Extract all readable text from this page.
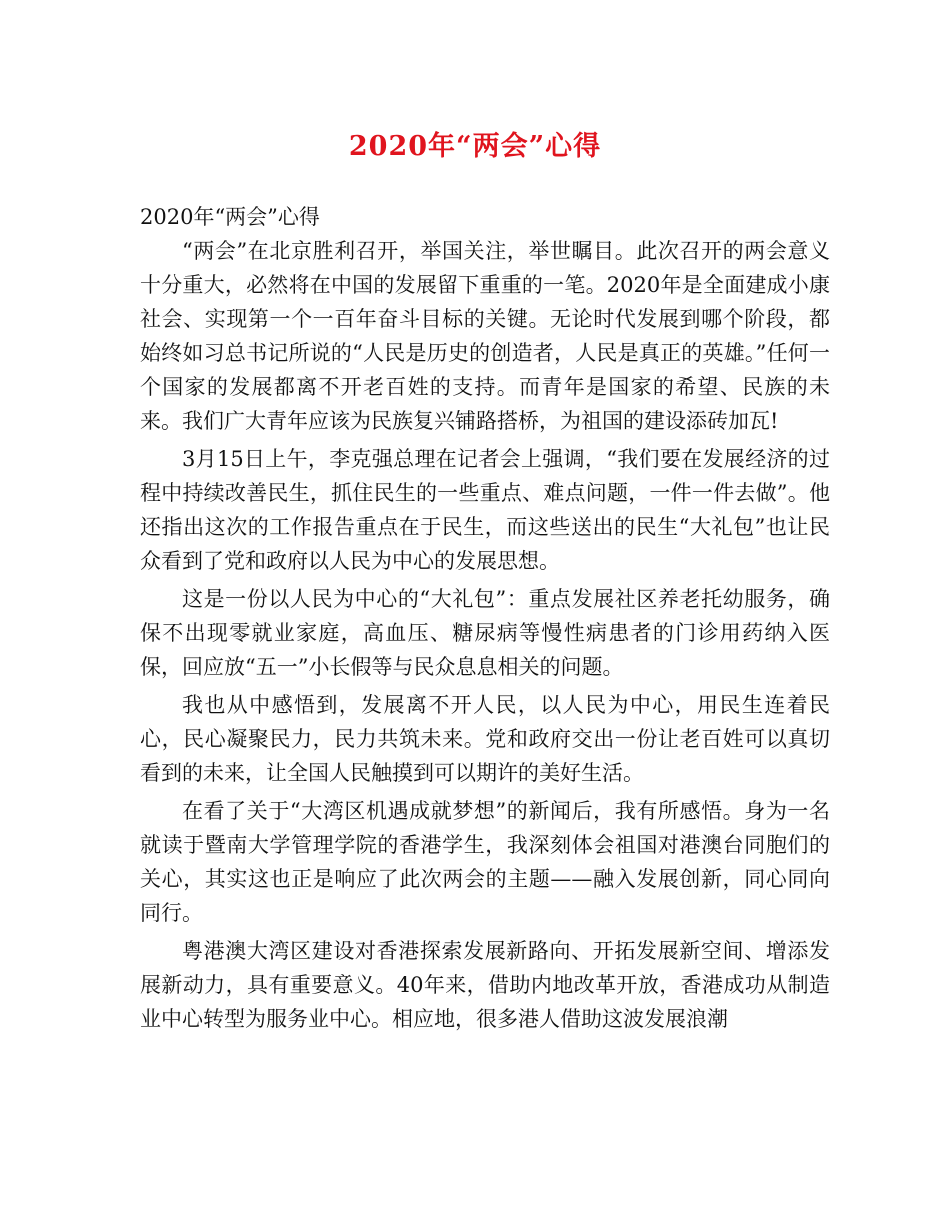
2020年“两会”心得

2020年“两会”心得

“两会”在北京胜利召开，举国关注，举世瞩目。此次召开的两会意义十分重大，必然将在中国的发展留下重重的一笔。2020年是全面建成小康社会、实现第一个一百年奋斗目标的关键。无论时代发展到哪个阶段，都始终如习总书记所说的“人民是历史的创造者，人民是真正的英雄。”任何一个国家的发展都离不开老百姓的支持。而青年是国家的希望、民族的未来。我们广大青年应该为民族复兴铺路搭桥，为祖国的建设添砖加瓦!

3月15日上午，李克强总理在记者会上强调，“我们要在发展经济的过程中持续改善民生，抓住民生的一些重点、难点问题，一件一件去做”。他还指出这次的工作报告重点在于民生，而这些送出的民生“大礼包”也让民众看到了党和政府以人民为中心的发展思想。

这是一份以人民为中心的“大礼包”：重点发展社区养老托幼服务，确保不出现零就业家庭，高血压、糖尿病等慢性病患者的门诊用药纳入医保，回应放“五一”小长假等与民众息息相关的问题。

我也从中感悟到，发展离不开人民，以人民为中心，用民生连着民心，民心凝聚民力，民力共筑未来。党和政府交出一份让老百姓可以真切看到的未来，让全国人民触摸到可以期许的美好生活。

在看了关于“大湾区机遇成就梦想”的新闻后，我有所感悟。身为一名就读于暨南大学管理学院的香港学生，我深刻体会祖国对港澳台同胞们的关心，其实这也正是响应了此次两会的主题——融入发展创新，同心同向同行。

粤港澳大湾区建设对香港探索发展新路向、开拓发展新空间、增添发展新动力，具有重要意义。40年来，借助内地改革开放，香港成功从制造业中心转型为服务业中心。相应地，很多港人借助这波发展浪潮
